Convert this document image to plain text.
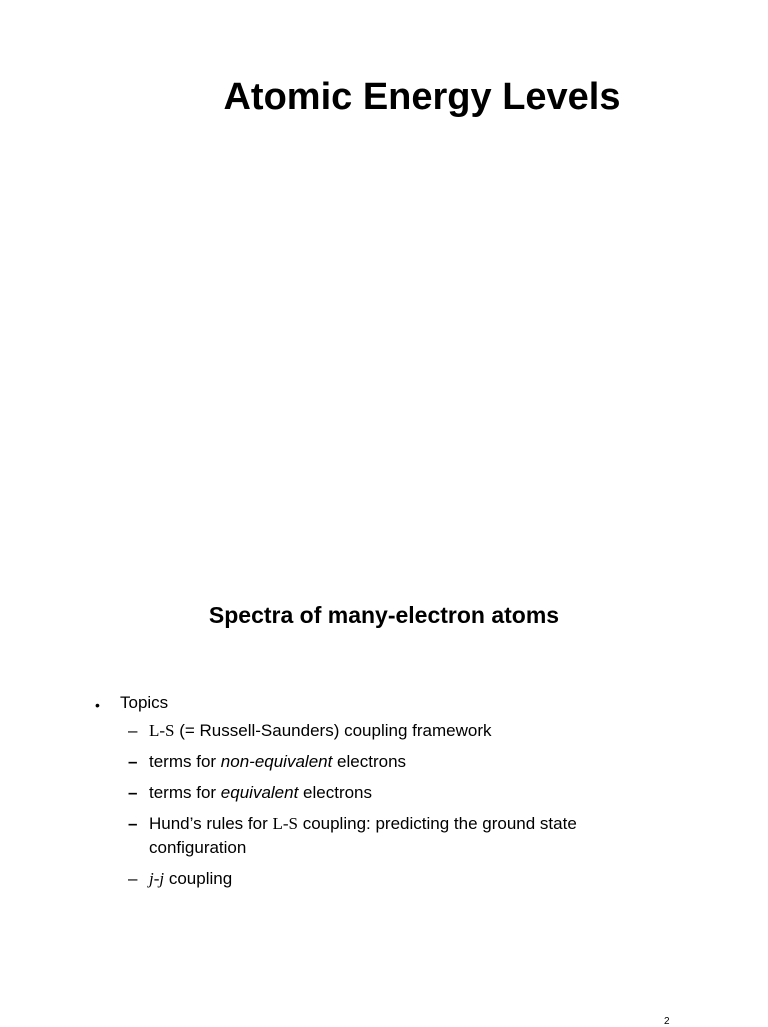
Atomic Energy Levels
Spectra of many-electron atoms
• Topics
– L-S (= Russell-Saunders) coupling framework
– terms for non-equivalent electrons
– terms for equivalent electrons
– Hund’s rules for L-S coupling: predicting the ground state configuration
– j-j coupling
2
